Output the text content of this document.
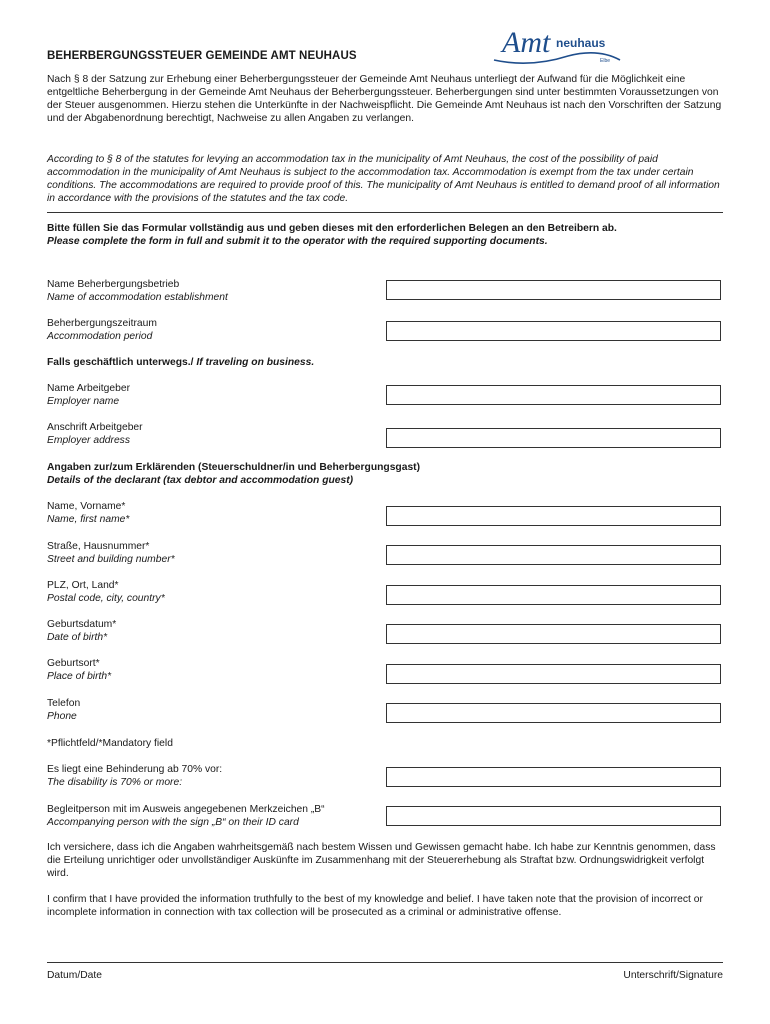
BEHERBERGUNGSSTEUER GEMEINDE AMT NEUHAUS	Amt neuhaus
Elbe
Nach § 8 der Satzung zur Erhebung einer Beherbergungssteuer der Gemeinde Amt Neuhaus unterliegt der Aufwand für die Möglichkeit eine entgeltliche Beherbergung in der Gemeinde Amt Neuhaus der Beherbergungssteuer. Beherbergungen sind unter bestimmten Voraussetzungen von der Steuer ausgenommen. Hierzu stehen die Unterkünfte in der Nachweispflicht. Die Gemeinde Amt Neuhaus ist nach den Vorschriften der Satzung und der Abgabenordnung berechtigt, Nachweise zu allen Angaben zu verlangen.
According to § 8 of the statutes for levying an accommodation tax in the municipality of Amt Neuhaus, the cost of the possibility of paid accommodation in the municipality of Amt Neuhaus is subject to the accommodation tax. Accommodation is exempt from the tax under certain conditions. The accommodations are required to provide proof of this. The municipality of Amt Neuhaus is entitled to demand proof of all information in accordance with the provisions of the statutes and the tax code.
Bitte füllen Sie das Formular vollständig aus und geben dieses mit den erforderlichen Belegen an den Betreibern ab.
Please complete the form in full and submit it to the operator with the required supporting documents.
Name Beherbergungsbetrieb
Name of accommodation establishment
Beherbergungszeitraum
Accommodation period
Falls geschäftlich unterwegs./ If traveling on business.
Name Arbeitgeber
Employer name
Anschrift Arbeitgeber
Employer address
Angaben zur/zum Erklärenden (Steuerschuldner/in und Beherbergungsgast)
Details of the declarant (tax debtor and accommodation guest)
Name, Vorname*
Name, first name*
Straße, Hausnummer*
Street and building number*
PLZ, Ort, Land*
Postal code, city, country*
Geburtsdatum*
Date of birth*
Geburtsort*
Place of birth*
Telefon
Phone
*Pflichtfeld/*Mandatory field
Es liegt eine Behinderung ab 70% vor:
The disability is 70% or more:
Begleitperson mit im Ausweis angegebenen Merkzeichen „B“
Accompanying person with the sign „B“ on their ID card
Ich versichere, dass ich die Angaben wahrheitsgemäß nach bestem Wissen und Gewissen gemacht habe. Ich habe zur Kenntnis genommen, dass die Erteilung unrichtiger oder unvollständiger Auskünfte im Zusammenhang mit der Steuererhebung als Straftat bzw. Ordnungswidrigkeit verfolgt wird.
I confirm that I have provided the information truthfully to the best of my knowledge and belief. I have taken note that the provision of incorrect or incomplete information in connection with tax collection will be prosecuted as a criminal or administrative offense.
Datum/Date	Unterschrift/Signature
